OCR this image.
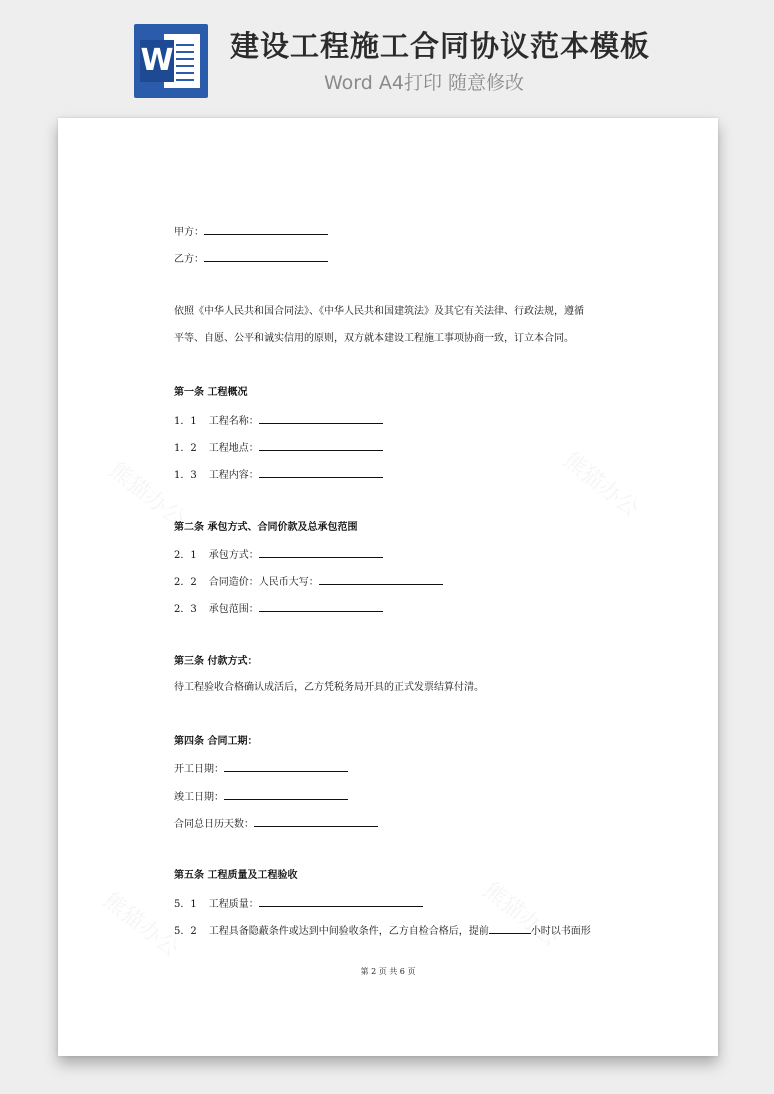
W 建设工程施工合同协议范本模板
Word A4打印 随意修改
甲方：
乙方：
依照《中华人民共和国合同法》、《中华人民共和国建筑法》及其它有关法律、行政法规，遵循
平等、自愿、公平和诚实信用的原则，双方就本建设工程施工事项协商一致，订立本合同。
第一条 工程概况
1．1 工程名称：
1．2 工程地点：
1．3 工程内容：
第二条 承包方式、合同价款及总承包范围
2．1 承包方式：
2．2 合同造价：人民币大写：
2．3 承包范围：
第三条 付款方式：
待工程验收合格确认成活后，乙方凭税务局开具的正式发票结算付清。
第四条 合同工期：
开工日期：
竣工日期：
合同总日历天数：
第五条 工程质量及工程验收
5．1 工程质量：
5．2 工程具备隐蔽条件或达到中间验收条件，乙方自检合格后，提前	小时以书面形
第 2 页 共 6 页
